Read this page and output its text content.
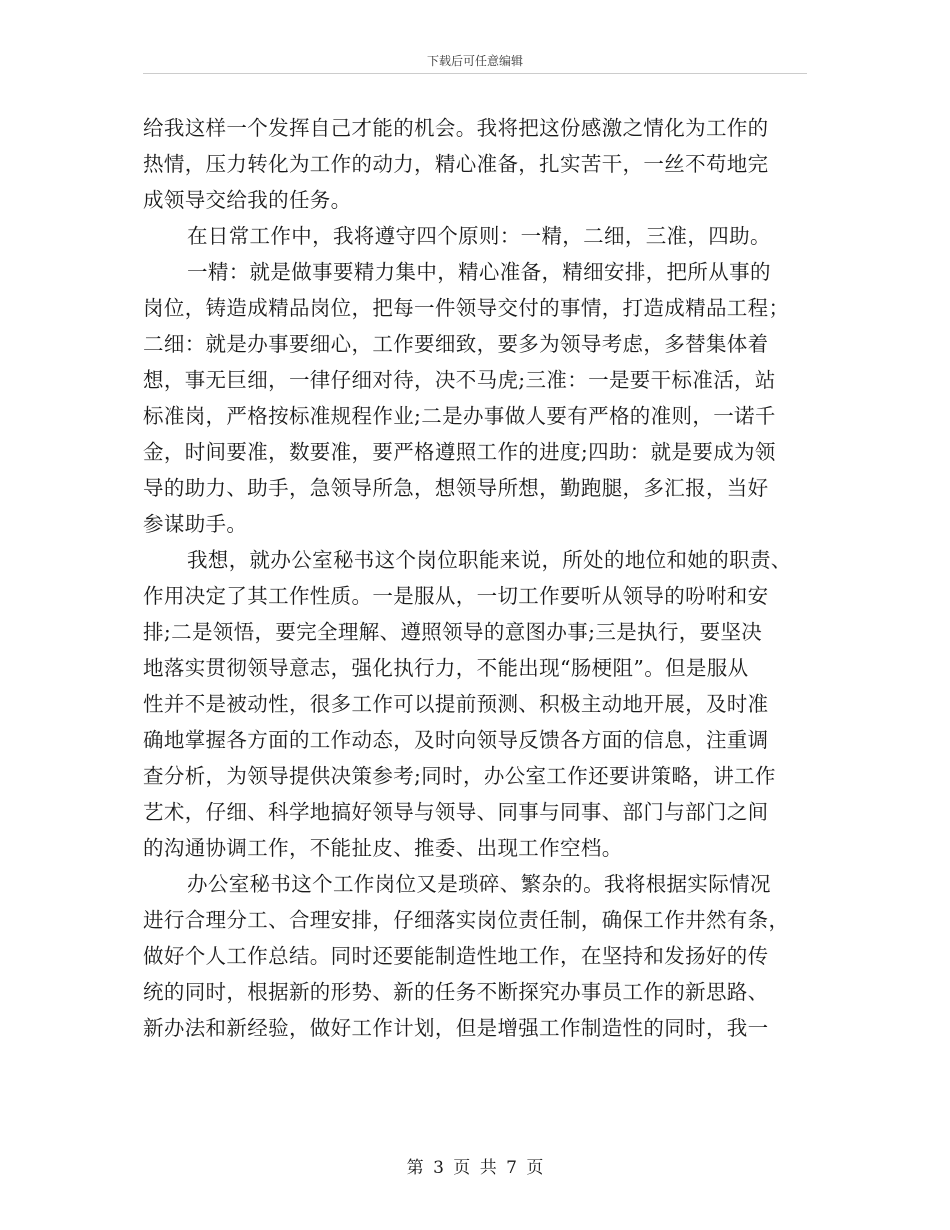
下载后可任意编辑
给我这样一个发挥自己才能的机会。我将把这份感激之情化为工作的
热情，压力转化为工作的动力，精心准备，扎实苦干，一丝不苟地完
成领导交给我的任务。
在日常工作中，我将遵守四个原则：一精，二细，三准，四助。
一精：就是做事要精力集中，精心准备，精细安排，把所从事的
岗位，铸造成精品岗位，把每一件领导交付的事情，打造成精品工程；
二细：就是办事要细心，工作要细致，要多为领导考虑，多替集体着
想，事无巨细，一律仔细对待，决不马虎;三准：一是要干标准活，站
标准岗，严格按标准规程作业;二是办事做人要有严格的准则，一诺千
金，时间要准，数要准，要严格遵照工作的进度;四助：就是要成为领
导的助力、助手，急领导所急，想领导所想，勤跑腿，多汇报，当好
参谋助手。
我想，就办公室秘书这个岗位职能来说，所处的地位和她的职责、
作用决定了其工作性质。一是服从，一切工作要听从领导的吩咐和安
排;二是领悟，要完全理解、遵照领导的意图办事;三是执行，要坚决
地落实贯彻领导意志，强化执行力，不能出现“肠梗阻”。但是服从
性并不是被动性，很多工作可以提前预测、积极主动地开展，及时准
确地掌握各方面的工作动态，及时向领导反馈各方面的信息，注重调
查分析，为领导提供决策参考;同时，办公室工作还要讲策略，讲工作
艺术，仔细、科学地搞好领导与领导、同事与同事、部门与部门之间
的沟通协调工作，不能扯皮、推委、出现工作空档。
办公室秘书这个工作岗位又是琐碎、繁杂的。我将根据实际情况
进行合理分工、合理安排，仔细落实岗位责任制，确保工作井然有条，
做好个人工作总结。同时还要能制造性地工作，在坚持和发扬好的传
统的同时，根据新的形势、新的任务不断探究办事员工作的新思路、
新办法和新经验，做好工作计划，但是增强工作制造性的同时，我一
第 3 页 共 7 页
